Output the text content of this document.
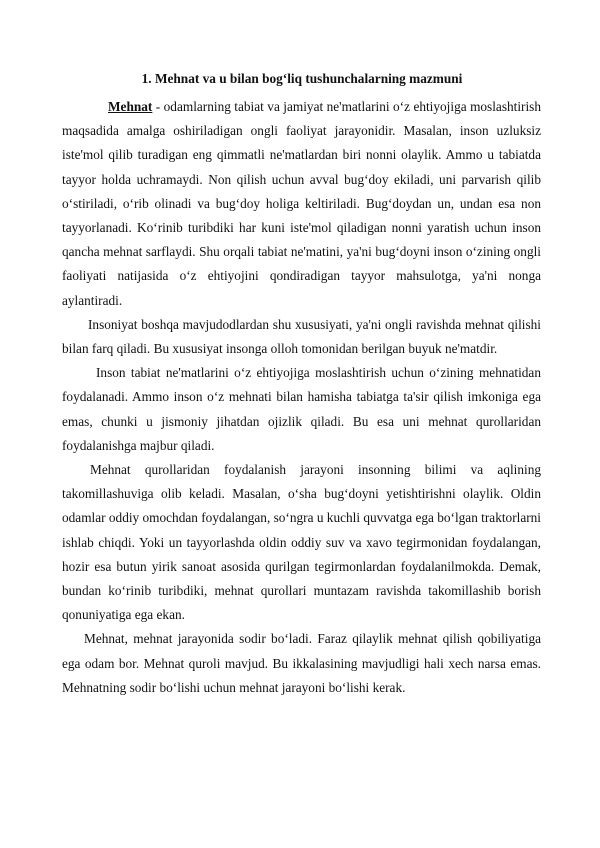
1. Mehnat va u bilan bog‘liq tushunchalarning mazmuni

Mehnat - odamlarning tabiat va jamiyat ne'matlarini o‘z ehtiyojiga moslashtirish maqsadida amalga oshiriladigan ongli faoliyat jarayonidir. Masalan, inson uzluksiz iste'mol qilib turadigan eng qimmatli ne'matlardan biri nonni olaylik. Ammo u tabiatda tayyor holda uchramaydi. Non qilish uchun avval bug‘doy ekiladi, uni parvarish qilib o‘stiriladi, o‘rib olinadi va bug‘doy holiga keltiriladi. Bug‘doydan un, undan esa non tayyorlanadi. Ko‘rinib turibdiki har kuni iste'mol qiladigan nonni yaratish uchun inson qancha mehnat sarflaydi. Shu orqali tabiat ne'matini, ya'ni bug‘doyni inson o‘zining ongli faoliyati natijasida o‘z ehtiyojini qondiradigan tayyor mahsulotga, ya'ni nonga aylantiradi.

Insoniyat boshqa mavjudodlardan shu xususiyati, ya'ni ongli ravishda mehnat qilishi bilan farq qiladi. Bu xususiyat insonga olloh tomonidan berilgan buyuk ne'matdir.

Inson tabiat ne'matlarini o‘z ehtiyojiga moslashtirish uchun o‘zining mehnatidan foydalanadi. Ammo inson o‘z mehnati bilan hamisha tabiatga ta'sir qilish imkoniga ega emas, chunki u jismoniy jihatdan ojizlik qiladi. Bu esa uni mehnat qurollaridan foydalanishga majbur qiladi.

Mehnat qurollaridan foydalanish jarayoni insonning bilimi va aqlining takomillashuviga olib keladi. Masalan, o‘sha bug‘doyni yetishtirishni olaylik. Oldin odamlar oddiy omochdan foydalangan, so‘ngra u kuchli quvvatga ega bo‘lgan traktorlarni ishlab chiqdi. Yoki un tayyorlashda oldin oddiy suv va xavo tegirmonidan foydalangan, hozir esa butun yirik sanoat asosida qurilgan tegirmonlardan foydalanilmokda. Demak, bundan ko‘rinib turibdiki, mehnat qurollari muntazam ravishda takomillashib borish qonuniyatiga ega ekan.

Mehnat, mehnat jarayonida sodir bo‘ladi. Faraz qilaylik mehnat qilish qobiliyatiga ega odam bor. Mehnat quroli mavjud. Bu ikkalasining mavjudligi hali xech narsa emas. Mehnatning sodir bo‘lishi uchun mehnat jarayoni bo‘lishi kerak.
